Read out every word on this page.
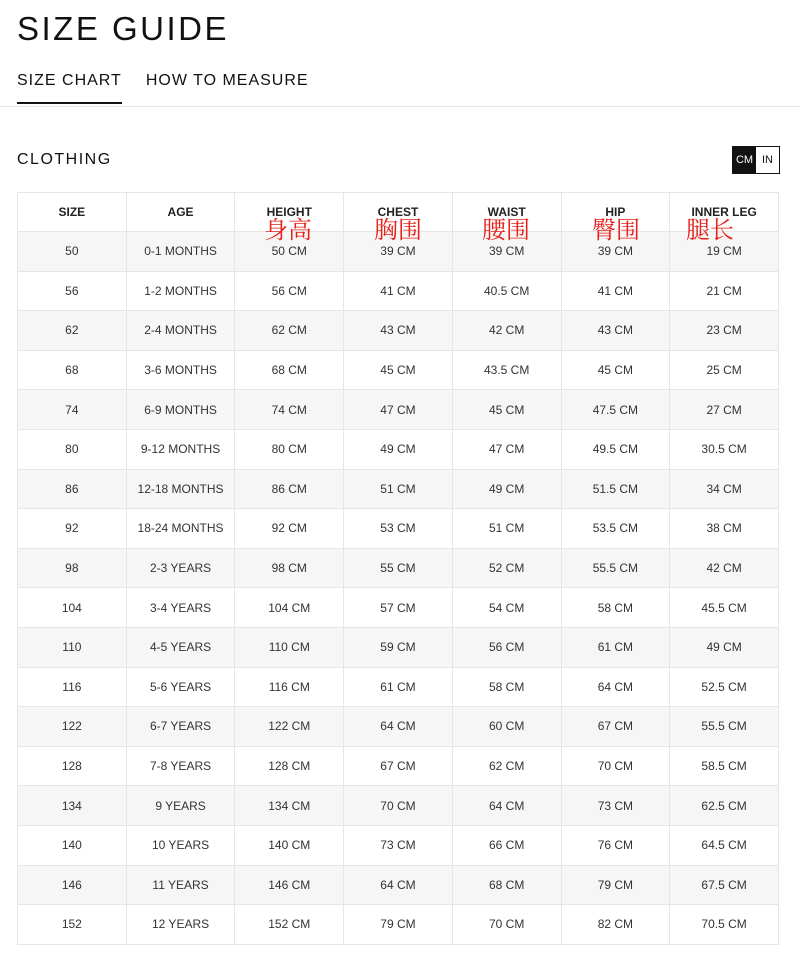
SIZE GUIDE
SIZE CHART HOW TO MEASURE
CLOTHING	CM IN
SIZE	AGE	HEIGHT	CHEST	WAIST	HIP	INNER LEG
50	0-1 MONTHS	50 CM	39 CM	39 CM	39 CM	19 CM
56	1-2 MONTHS	56 CM	41 CM	40.5 CM	41 CM	21 CM
62	2-4 MONTHS	62 CM	43 CM	42 CM	43 CM	23 CM
68	3-6 MONTHS	68 CM	45 CM	43.5 CM	45 CM	25 CM
74	6-9 MONTHS	74 CM	47 CM	45 CM	47.5 CM	27 CM
80	9-12 MONTHS	80 CM	49 CM	47 CM	49.5 CM	30.5 CM
86	12-18 MONTHS	86 CM	51 CM	49 CM	51.5 CM	34 CM
92	18-24 MONTHS	92 CM	53 CM	51 CM	53.5 CM	38 CM
98	2-3 YEARS	98 CM	55 CM	52 CM	55.5 CM	42 CM
104	3-4 YEARS	104 CM	57 CM	54 CM	58 CM	45.5 CM
110	4-5 YEARS	110 CM	59 CM	56 CM	61 CM	49 CM
116	5-6 YEARS	116 CM	61 CM	58 CM	64 CM	52.5 CM
122	6-7 YEARS	122 CM	64 CM	60 CM	67 CM	55.5 CM
128	7-8 YEARS	128 CM	67 CM	62 CM	70 CM	58.5 CM
134	9 YEARS	134 CM	70 CM	64 CM	73 CM	62.5 CM
140	10 YEARS	140 CM	73 CM	66 CM	76 CM	64.5 CM
146	11 YEARS	146 CM	64 CM	68 CM	79 CM	67.5 CM
152	12 YEARS	152 CM	79 CM	70 CM	82 CM	70.5 CM
身高	胸围	腰围	臀围 腿长
